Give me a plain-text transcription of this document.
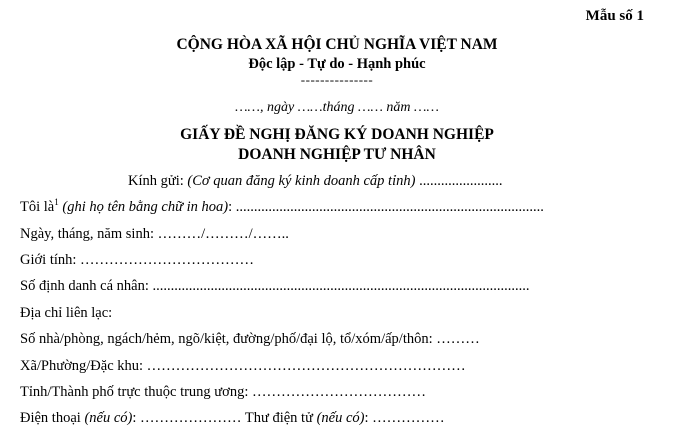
Mẫu số 1
CỘNG HÒA XÃ HỘI CHỦ NGHĨA VIỆT NAM
Độc lập - Tự do - Hạnh phúc
---------------
……, ngày ……tháng …… năm ……
GIẤY ĐỀ NGHỊ ĐĂNG KÝ DOANH NGHIỆP
DOANH NGHIỆP TƯ NHÂN
Kính gửi: (Cơ quan đăng ký kinh doanh cấp tỉnh) .......................
Tôi $là^1$ (ghi họ tên bằng chữ in hoa): .....................................................................................
Ngày, tháng, năm sinh: ………/………/……..
Giới tính: ………………………………
Số định danh cá nhân: ........................................................................................................
Địa chỉ liên lạc:
Số nhà/phòng, ngách/hẻm, ngõ/kiệt, đường/phố/đại lộ, tổ/xóm/ấp/thôn: ………
Xã/Phường/Đặc khu: …………………………………………………………
Tỉnh/Thành phố trực thuộc trung ương: ………………………………
Điện thoại (nếu có): ………………… Thư điện tử (nếu có): ……………
